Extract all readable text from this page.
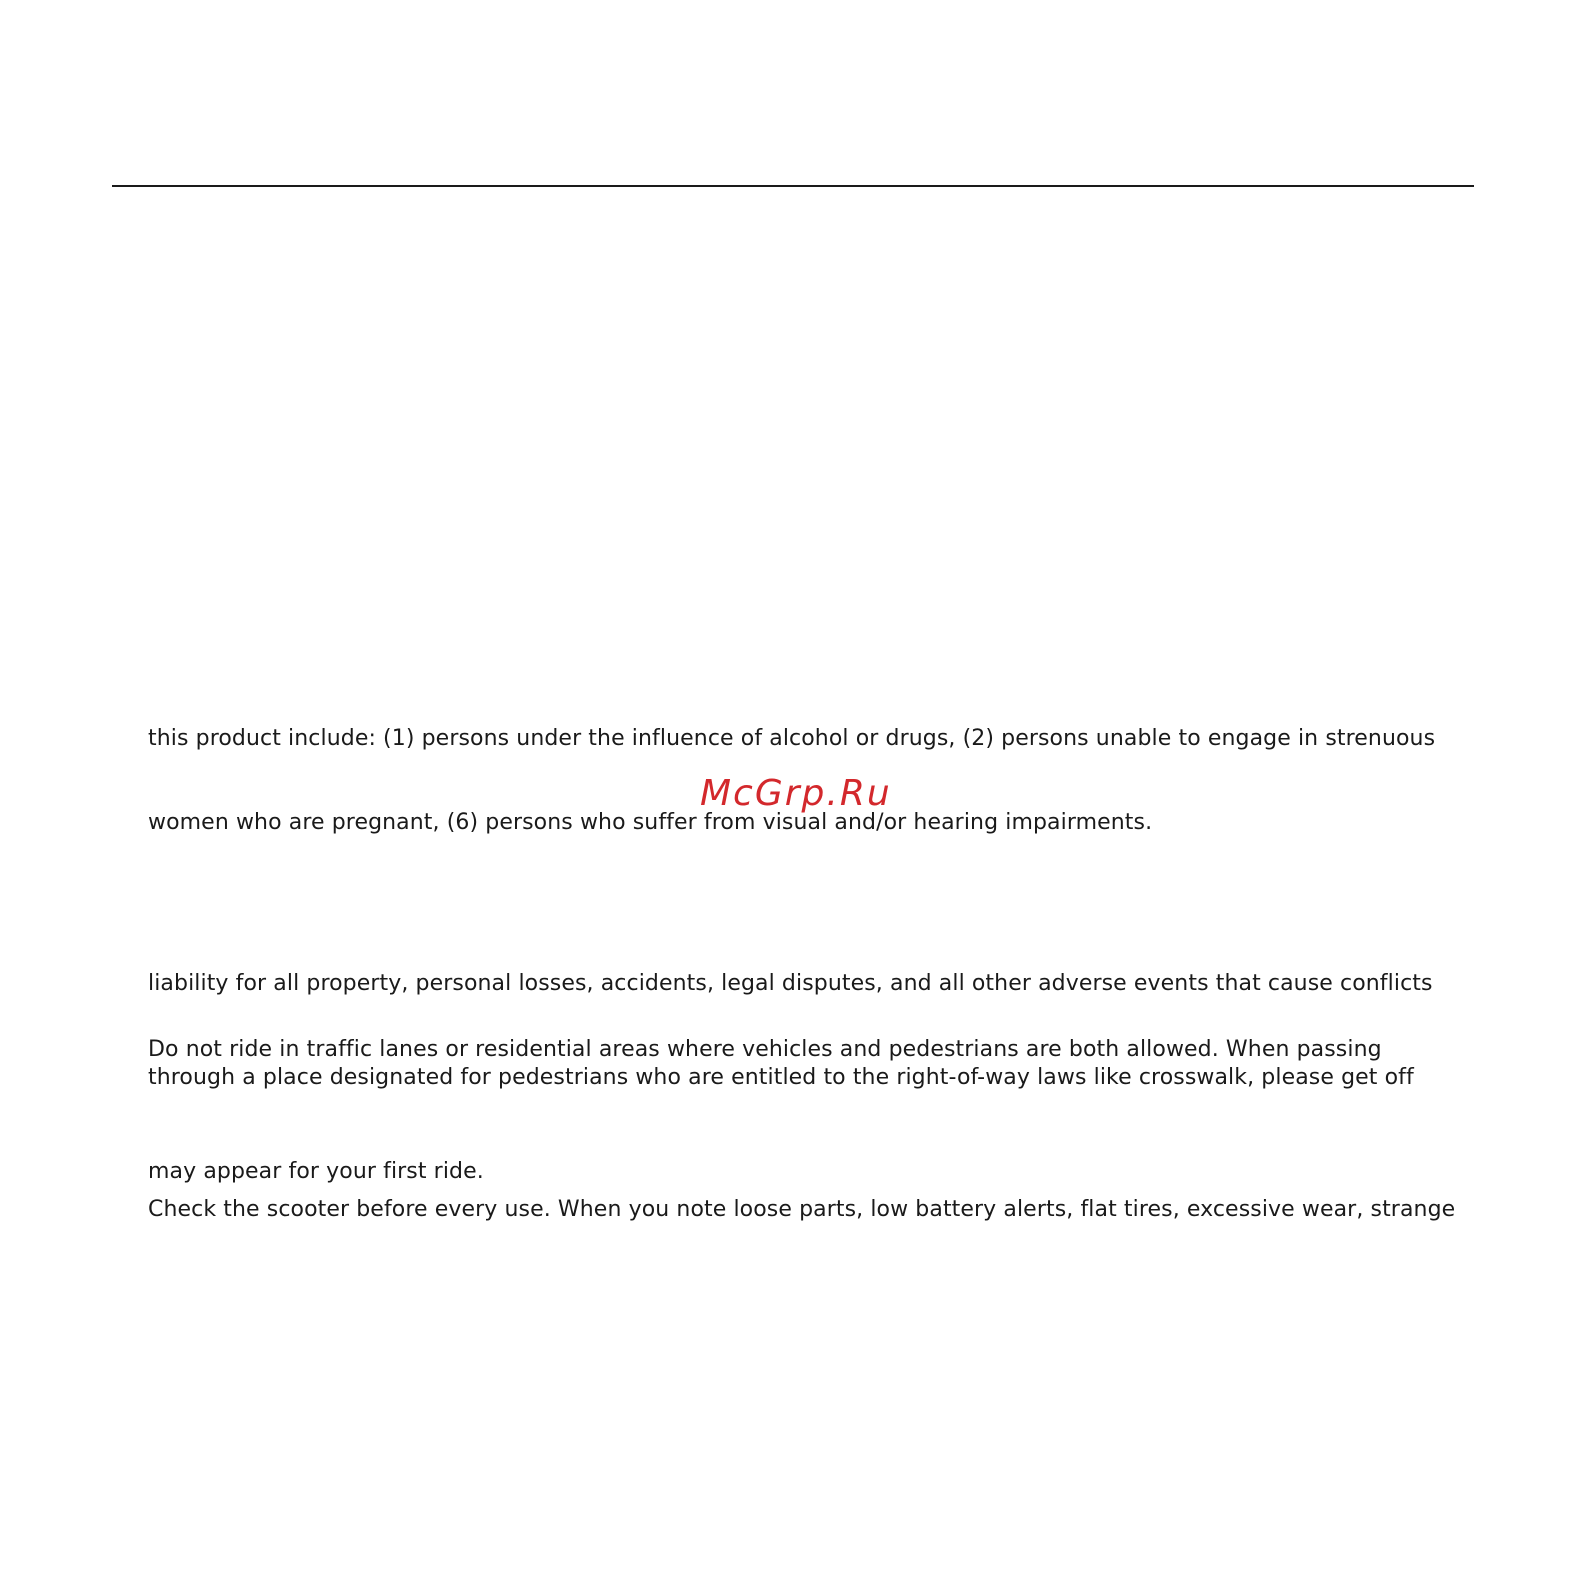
this product include: (1) persons under the influence of alcohol or drugs, (2) persons unable to engage in strenuous
McGrp.Ru
women who are pregnant, (6) persons who suffer from visual and/or hearing impairments.
liability for all property, personal losses, accidents, legal disputes, and all other adverse events that cause conflicts
Do not ride in traffic lanes or residential areas where vehicles and pedestrians are both allowed. When passing
through a place designated for pedestrians who are entitled to the right-of-way laws like crosswalk, please get off
may appear for your first ride.
Check the scooter before every use. When you note loose parts, low battery alerts, flat tires, excessive wear, strange
